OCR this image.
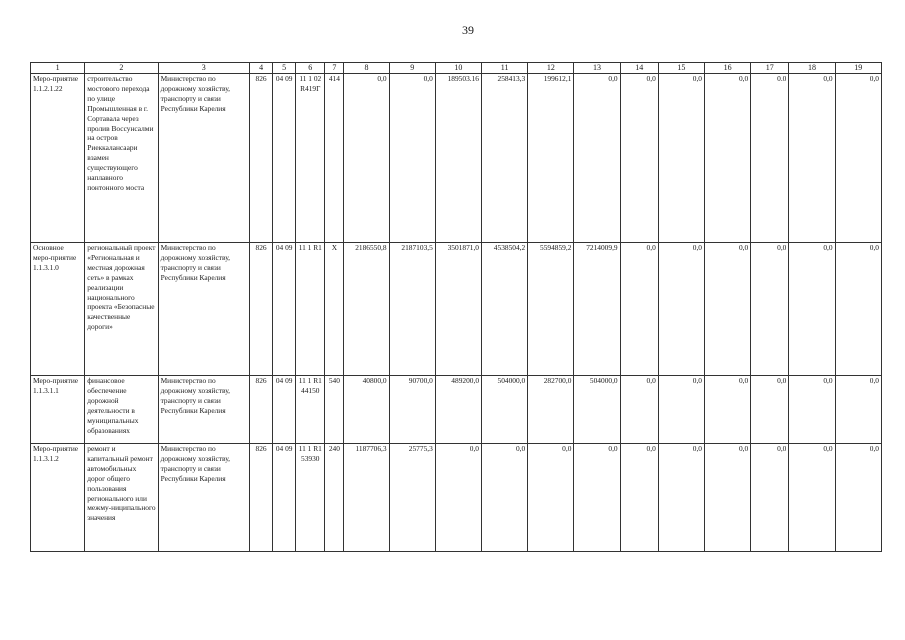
39
1	2	3	4	5	6	7	8	9	10	11	12	13	14	15	16	17	18	19
Меро-приятие 1.1.2.1.22	строительство мостового перехода по улице Промышленная в г. Сортавала через пролив Воссунсалми на остров Риеккалансаари взамен существующего наплавного понтонного моста	Министерство по дорожному хозяйству, транспорту и связи Республики Карелия	826	04 09	11 1 02 R419Г	414	0,0	0,0	189503.16	258413,3	199612,1	0,0	0,0	0,0	0,0	0.0	0,0	0,0
Основное меро-приятие 1.1.3.1.0	региональный проект «Региональная и местная дорожная сеть» в рамках реализации национального проекта «Безопасные качественные дороги»	Министерство по дорожному хозяйству, транспорту и связи Республики Карелия	826	04 09	11 1 R1	X	2186550,8	2187103,5	3501871,0	4538504,2	5594859,2	7214009,9	0,0	0,0	0,0	0,0	0,0	0,0
Меро-приятие 1.1.3.1.1	финансовое обеспечение дорожной деятельности в муниципальных образованиях	Министерство по дорожному хозяйству, транспорту и связи Республики Карелия	826	04 09	11 1 R1 44150	540	40800,0	90700,0	489200,0	504000,0	282700,0	504000,0	0,0	0,0	0,0	0,0	0,0	0,0
Меро-приятие 1.1.3.1.2	ремонт и капитальный ремонт автомобильных дорог общего пользования регионального или межму-ниципального значения	Министерство по дорожному хозяйству, транспорту и связи Республики Карелия	826	04 09	11 1 R1 53930	240	1187706,3	25775,3	0,0	0,0	0,0	0,0	0,0	0,0	0,0	0,0	0,0	0,0
